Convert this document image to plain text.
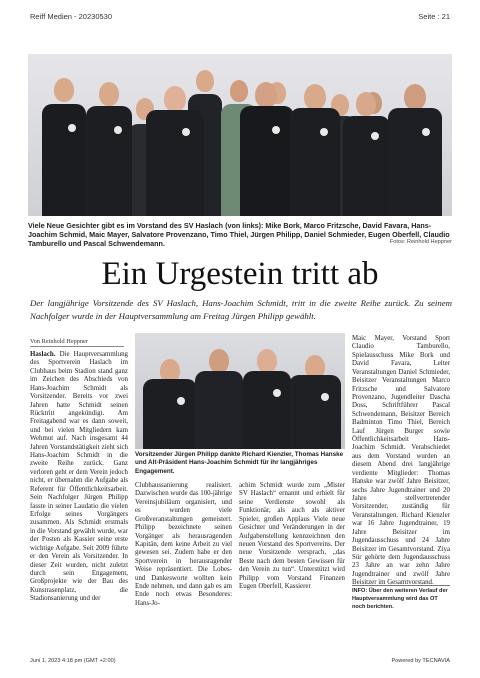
Reiff Medien - 20230530	Seite : 21
Viele Neue Gesichter gibt es im Vorstand des SV Haslach (von links): Mike Bork, Marco Fritzsche, David Favara, Hans-Joachim Schmid, Maic Mayer, Salvatore Provenzano, Timo Thiel, Jürgen Philipp, Daniel Schmieder, Eugen Oberfell, Claudio Tamburello und Pascal Schwendemann.	Fotos: Reinhold Heppner
Ein Urgestein tritt ab
Der langjährige Vorsitzende des SV Haslach, Hans-Joachim Schmidt, tritt in die zweite Reihe zurück. Zu seinem Nachfolger wurde in der Hauptversammlung am Freitag Jürgen Philipp gewählt.
Von Reinhold Heppner
Haslach. Die Hauptversammlung des Sportverein Haslach im Clubhaus beim Stadion stand ganz im Zeichen des Abschieds von Hans-Joachim Schmidt als Vorsitzender. Bereits vor zwei Jahren hatte Schmidt seinen Rücktritt angekündigt. Am Freitagabend war es dann soweit, und bei vielen Mitgliedern kam Wehmut auf. Nach insgesamt 44 Jahren Vorstandstätigkeit zieht sich Hans-Joachim Schmidt in die zweite Reihe zurück. Ganz verloren geht er dem Verein jedoch nicht, er übernahm die Aufgabe als Referent für Öffentlichkeitsarbeit. Sein Nachfolger Jürgen Philipp fasste in seiner Laudatio die vielen Erfolge seines Vorgängers zusammen. Als Schmidt erstmals in die Vorstand gewählt wurde, war der Posten als Kassier seine erste wichtige Aufgabe. Seit 2009 führte er den Verein als Vorsitzender. In dieser Zeit wurden, nicht zuletzt durch sein Engagement, Großprojekte wie der Bau des Kunstrasenplatz, die Stadionsanierung und der
Vorsitzender Jürgen Philipp dankte Richard Kienzler, Thomas Hanske und Alt-Präsident Hans-Joachim Schmidt für ihr langjähriges Engagement.
Clubhaussanierung realisiert. Dazwischen wurde das 100-jährige Vereinsjubiläum organisiert, und es wurden viele Großveranstaltungen gemeistert. Philipp bezeichnete seinen Vorgänger als herausragenden Kapitän, dem keine Arbeit zu viel gewesen sei. Zudem habe er den Sportverein in herausragender Weise repräsentiert. Die Lobes- und Dankesworte wollten kein Ende nehmen, und dann gab es am Ende noch etwas Besonderes: Hans-Jo-
achim Schmidt wurde zum „Mister SV Haslach“ ernannt und erhielt für seine Verdienste sowohl als Funktionär, als auch als aktiver Spieler, großen Applaus Viele neue Gesichter und Veränderungen in der Aufgabenstellung kennzeichnen den neuen Vorstand des Sportvereins. Der neue Vorsitzende versprach, „das Beste nach dem besten Gewissen für den Verein zu tun“. Unterstützt wird Philipp vom Vorstand Finanzen Eugen Oberfell, Kassierer
Maic Mayer, Vorstand Sport Claudio Tamburello, Spielausschuss Mike Bork und David Favara, Leiter Veranstaltungen Daniel Schmieder, Beisitzer Veranstaltungen Marco Fritzsche und Salvatore Provenzano, Jugendleiter Dascha Doss, Schriftführer Pascal Schwendemann, Beisitzer Bereich Badminton Timo Thiel, Bereich Lauf Jürgen Burger sowie Öffentlichkeitsarbeit Hans-Joachim Schmidt. Verabschiedet aus dem Vorstand wurden an diesem Abend drei langjährige verdiente Mitglieder: Thomas Hanske war zwölf Jahre Beisitzer, sechs Jahre Jugendtrainer und 20 Jahre stellvertretender Vorsitzender, zuständig für Veranstaltungen. Richard Kienzler war 16 Jahre Jugendtrainer, 19 Jahre Beisitzer im Jugendausschuss und 24 Jahre Beisitzer im Gesamtvorstand. Ziya Sür gehörte dem Jugendausschuss 23 Jahre an war zehn Jahre Jugendtrainer und zwölf Jahre Beisitzer im Gesamtvorstand.
INFO: Über den weiteren Verlauf der Hauptversammlung wird das OT noch berichten.
Juni 1, 2023 4:18 pm (GMT +2:00)	Powered by TECNAVIA
